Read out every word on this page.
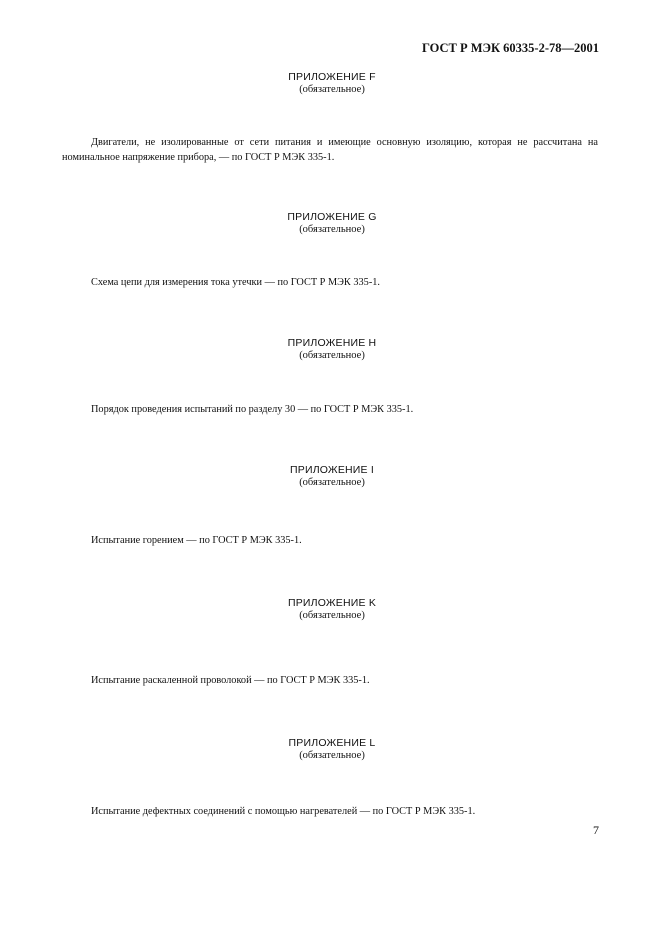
ГОСТ Р МЭК 60335-2-78—2001
ПРИЛОЖЕНИЕ F
(обязательное)
Двигатели, не изолированные от сети питания и имеющие основную изоляцию, которая не рассчитана на номинальное напряжение прибора, — по ГОСТ Р МЭК 335-1.
ПРИЛОЖЕНИЕ G
(обязательное)
Схема цепи для измерения тока утечки — по ГОСТ Р МЭК 335-1.
ПРИЛОЖЕНИЕ H
(обязательное)
Порядок проведения испытаний по разделу 30 — по ГОСТ Р МЭК 335-1.
ПРИЛОЖЕНИЕ I
(обязательное)
Испытание горением — по ГОСТ Р МЭК 335-1.
ПРИЛОЖЕНИЕ K
(обязательное)
Испытание раскаленной проволокой — по ГОСТ Р МЭК 335-1.
ПРИЛОЖЕНИЕ L
(обязательное)
Испытание дефектных соединений с помощью нагревателей — по ГОСТ Р МЭК 335-1.
7
